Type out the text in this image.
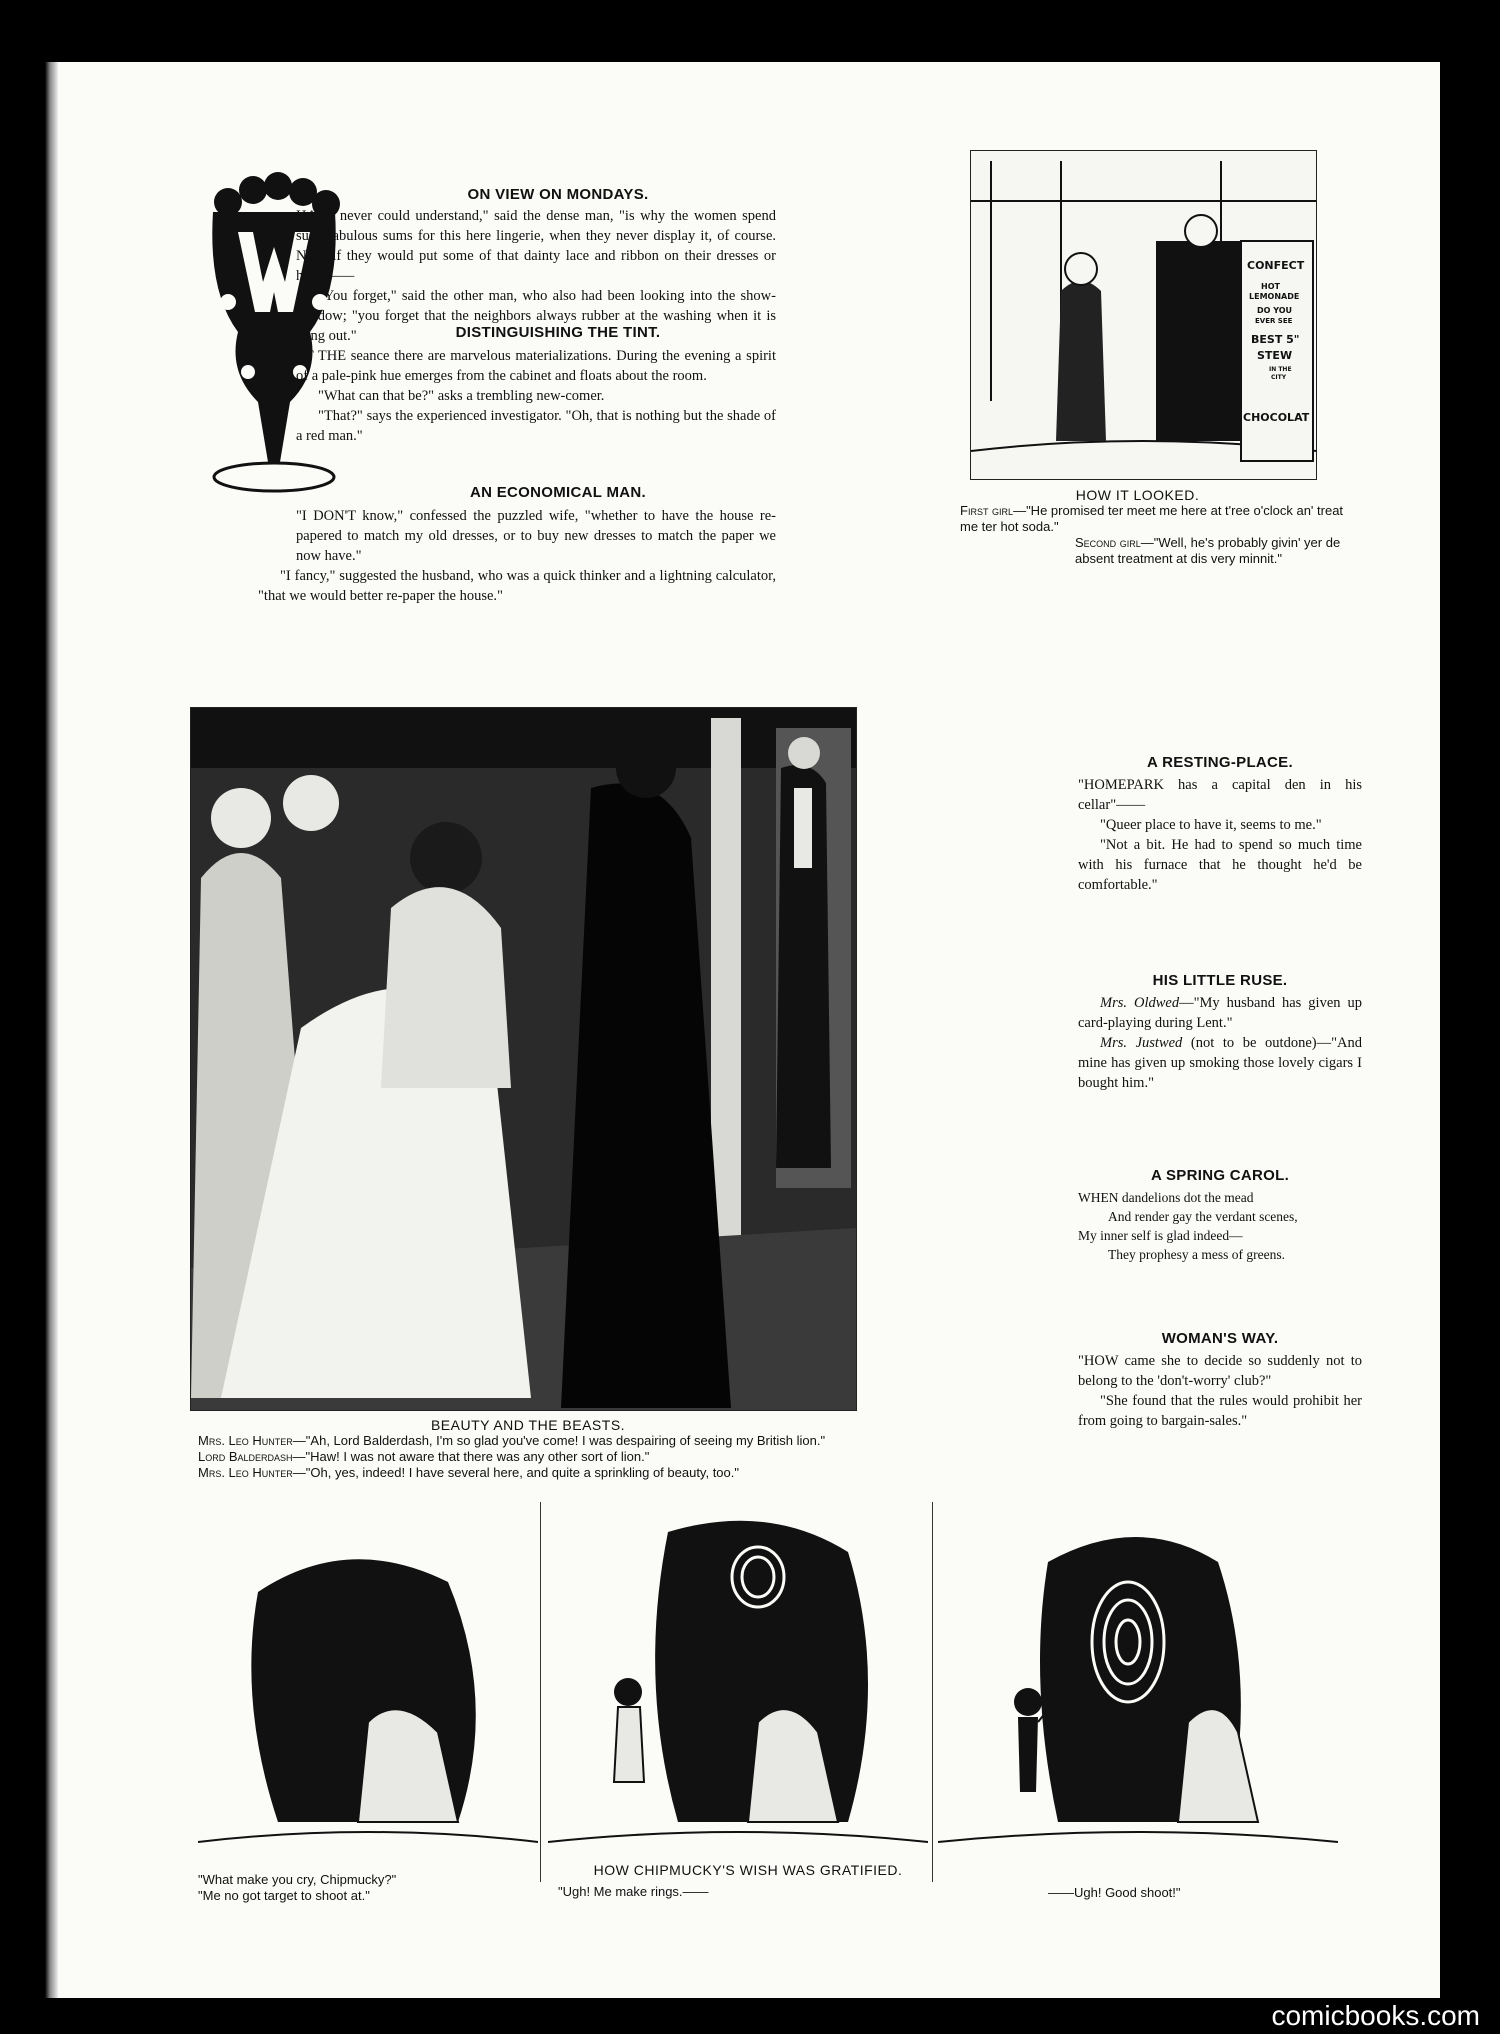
ON VIEW ON MONDAYS.

HAT I never could understand," said the dense man, "is why the women spend such fabulous sums for this here lingerie, when they never display it, of course. Now, if they would put some of that dainty lace and ribbon on their dresses or hats"——

"You forget," said the other man, who also had been looking into the show-window; "you forget that the neighbors always rubber at the washing when it is hung out."	DISTINGUISHING THE TINT.

AT THE seance there are marvelous materializations. During the evening a spirit of a pale-pink hue emerges from the cabinet and floats about the room.

"What can that be?" asks a trembling new-comer.

"That?" says the experienced investigator. "Oh, that is nothing but the shade of a red man."

AN ECONOMICAL MAN.

"I DON'T know," confessed the puzzled wife, "whether to have the house re-papered to match my old dresses, or to buy new dresses to match the paper we now have."

"I fancy," suggested the husband, who was a quick thinker and a lightning calculator, "that we would better re-paper the house."

CONFECT
HOT
LEMONADE
DO YOU
EVER SEE
BEST 5"
STEW
IN THE
CITY
CHOCOLAT
HOW IT LOOKED.
First girl—"He promised ter meet me here at t'ree o'clock an' treat me ter hot soda."
Second girl—"Well, he's probably givin' yer de absent treatment at dis very minnit."
BEAUTY AND THE BEASTS.
Mrs. Leo Hunter—"Ah, Lord Balderdash, I'm so glad you've come! I was despairing of seeing my British lion."
Lord Balderdash—"Haw! I was not aware that there was any other sort of lion."
Mrs. Leo Hunter—"Oh, yes, indeed! I have several here, and quite a sprinkling of beauty, too."
A RESTING-PLACE.

"HOMEPARK has a capital den in his cellar"——

"Queer place to have it, seems to me."

"Not a bit. He had to spend so much time with his furnace that he thought he'd be comfortable."

HIS LITTLE RUSE.

Mrs. Oldwed—"My husband has given up card-playing during Lent."

Mrs. Justwed (not to be outdone)—"And mine has given up smoking those lovely cigars I bought him."

A SPRING CAROL.
WHEN dandelions dot the mead
And render gay the verdant scenes,
My inner self is glad indeed—
They prophesy a mess of greens.
WOMAN'S WAY.

"HOW came she to decide so suddenly not to belong to the 'don't-worry' club?"

"She found that the rules would prohibit her from going to bargain-sales."

"What make you cry, Chipmucky?"
"Me no got target to shoot at."
HOW CHIPMUCKY'S WISH WAS GRATIFIED.
"Ugh! Me make rings.——	——Ugh! Good shoot!"
comicbooks.com
